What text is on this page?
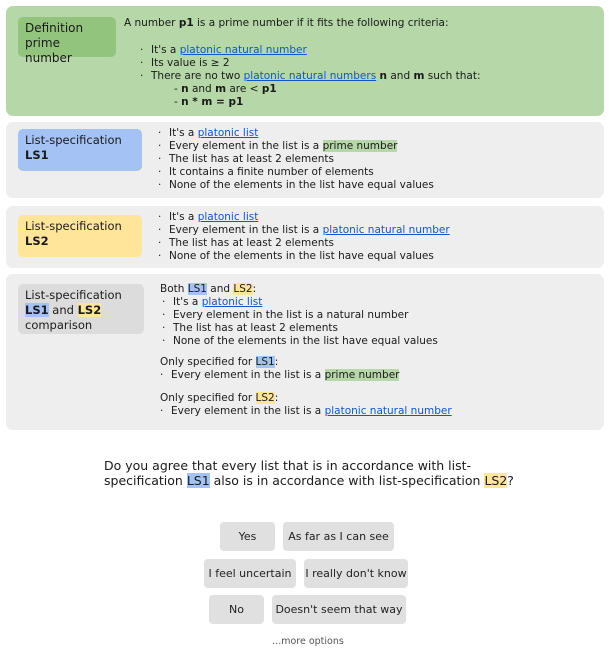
Definition
prime number
A number p1 is a prime number if it fits the following criteria:
· It's a platonic natural number
· Its value is ≥ 2
· There are no two platonic natural numbers n and m such that:
- n and m are < p1
- n * m = p1
List-specification
LS1
· It's a platonic list
· Every element in the list is a prime number
· The list has at least 2 elements
· It contains a finite number of elements
· None of the elements in the list have equal values
List-specification
LS2
· It's a platonic list
· Every element in the list is a platonic natural number
· The list has at least 2 elements
· None of the elements in the list have equal values
List-specification
LS1 and LS2
comparison
Both LS1 and LS2:
· It's a platonic list
· Every element in the list is a natural number
· The list has at least 2 elements
· None of the elements in the list have equal values
Only specified for LS1:
· Every element in the list is a prime number
Only specified for LS2:
· Every element in the list is a platonic natural number
Do you agree that every list that is in accordance with list-specification LS1 also is in accordance with list-specification LS2?
Yes	As far as I can see
I feel uncertain	I really don't know
No	Doesn't seem that way
...more options
